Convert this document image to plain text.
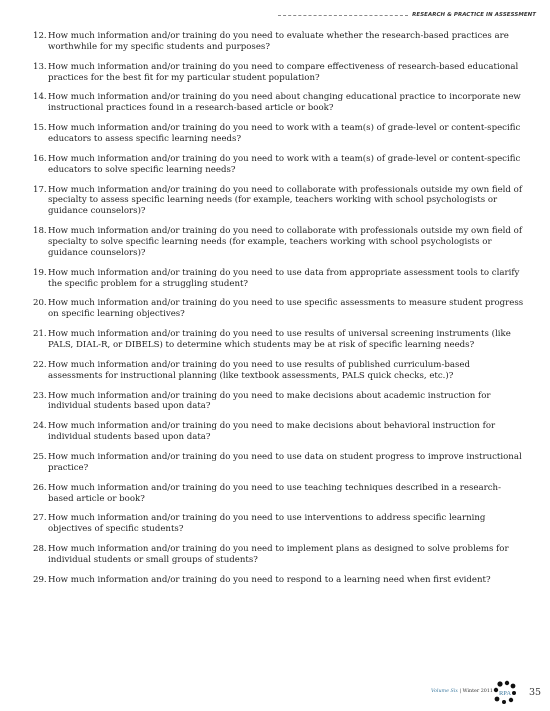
RESEARCH & PRACTICE IN ASSESSMENT
12. How much information and/or training do you need to evaluate whether the research-based practices are worthwhile for my specific students and purposes?
13. How much information and/or training do you need to compare effectiveness of research-based educational practices for the best fit for my particular student population?
14. How much information and/or training do you need about changing educational practice to incorporate new instructional practices found in a research-based article or book?
15. How much information and/or training do you need to work with a team(s) of grade-level or content-specific educators to assess specific learning needs?
16. How much information and/or training do you need to work with a team(s) of grade-level or content-specific educators to solve specific learning needs?
17. How much information and/or training do you need to collaborate with professionals outside my own field of specialty to assess specific learning needs (for example, teachers working with school psychologists or guidance counselors)?
18. How much information and/or training do you need to collaborate with professionals outside my own field of specialty to solve specific learning needs (for example, teachers working with school psychologists or guidance counselors)?
19. How much information and/or training do you need to use data from appropriate assessment tools to clarify the specific problem for a struggling student?
20. How much information and/or training do you need to use specific assessments to measure student progress on specific learning objectives?
21. How much information and/or training do you need to use results of universal screening instruments (like PALS, DIAL-R, or DIBELS) to determine which students may be at risk of specific learning needs?
22. How much information and/or training do you need to use results of published curriculum-based assessments for instructional planning (like textbook assessments, PALS quick checks, etc.)?
23. How much information and/or training do you need to make decisions about academic instruction for individual students based upon data?
24. How much information and/or training do you need to make decisions about behavioral instruction for individual students based upon data?
25. How much information and/or training do you need to use data on student progress to improve instructional practice?
26. How much information and/or training do you need to use teaching techniques described in a research-based article or book?
27. How much information and/or training do you need to use interventions to address specific learning objectives of specific students?
28. How much information and/or training do you need to implement plans as designed to solve problems for individual students or small groups of students?
29. How much information and/or training do you need to respond to a learning need when first evident?
Volume Six | Winter 2011 RPA 35
